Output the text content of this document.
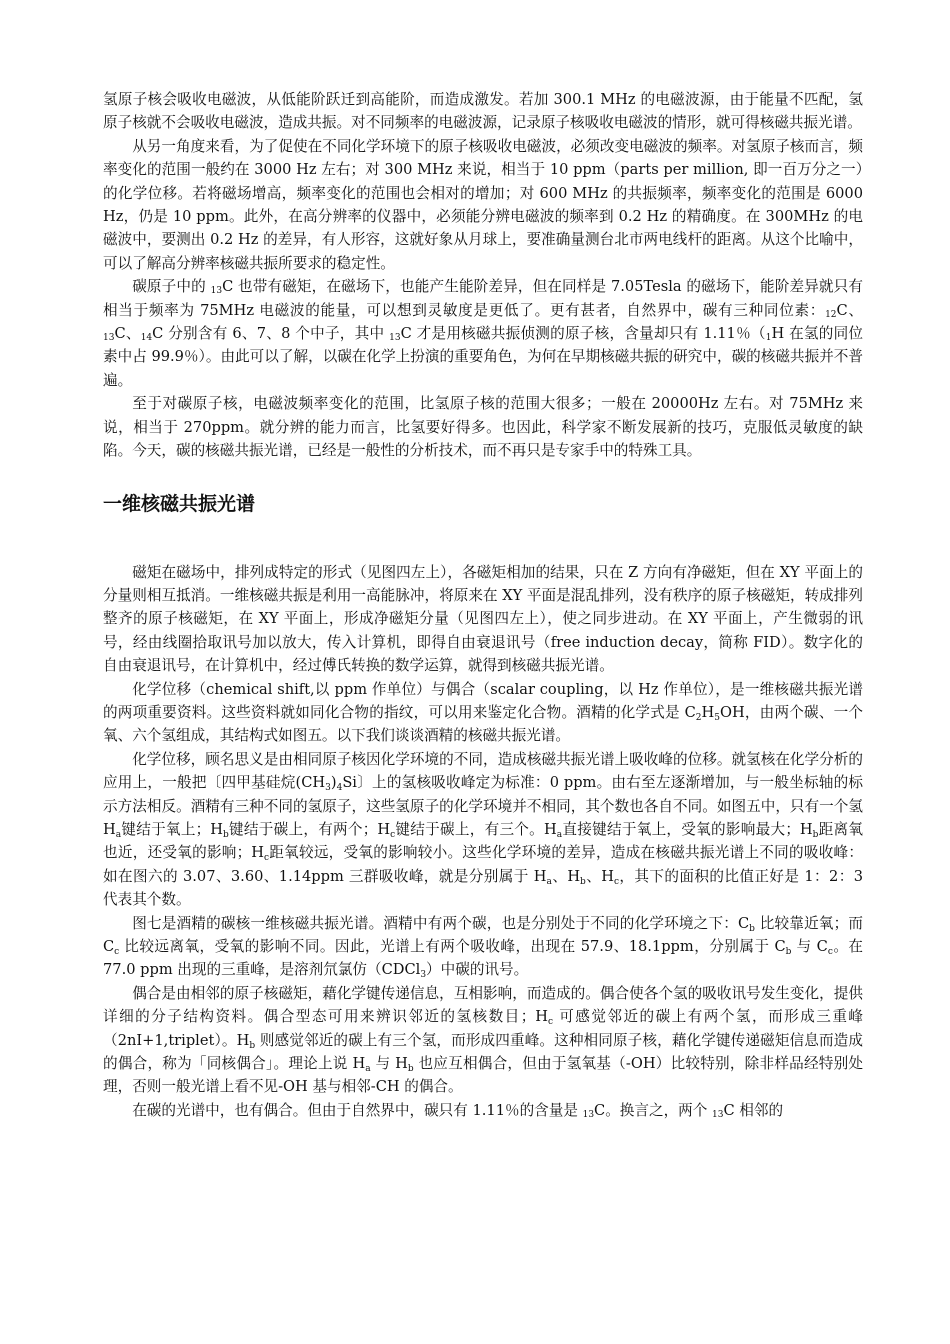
氢原子核会吸收电磁波，从低能阶跃迁到高能阶，而造成激发。若加 300.1 MHz 的电磁波源，由于能量不匹配，氢原子核就不会吸收电磁波，造成共振。对不同频率的电磁波源，记录原子核吸收电磁波的情形，就可得核磁共振光谱。

从另一角度来看，为了促使在不同化学环境下的原子核吸收电磁波，必须改变电磁波的频率。对氢原子核而言，频率变化的范围一般约在 3000 Hz 左右；对 300 MHz 来说，相当于 10 ppm（parts per million, 即一百万分之一）的化学位移。若将磁场增高，频率变化的范围也会相对的增加；对 600 MHz 的共振频率，频率变化的范围是 6000 Hz，仍是 10 ppm。此外，在高分辨率的仪器中，必须能分辨电磁波的频率到 0.2 Hz 的精确度。在 300MHz 的电磁波中，要测出 0.2 Hz 的差异，有人形容，这就好象从月球上，要准确量测台北市两电线杆的距离。从这个比喻中，可以了解高分辨率核磁共振所要求的稳定性。

碳原子中的 13C 也带有磁矩，在磁场下，也能产生能阶差异，但在同样是 7.05Tesla 的磁场下，能阶差异就只有相当于频率为 75MHz 电磁波的能量，可以想到灵敏度是更低了。更有甚者，自然界中，碳有三种同位素：12C、13C、14C 分别含有 6、7、8 个中子，其中 13C 才是用核磁共振侦测的原子核，含量却只有 1.11％（1H 在氢的同位素中占 99.9％）。由此可以了解，以碳在化学上扮演的重要角色，为何在早期核磁共振的研究中，碳的核磁共振并不普遍。

至于对碳原子核，电磁波频率变化的范围，比氢原子核的范围大很多；一般在 20000Hz 左右。对 75MHz 来说，相当于 270ppm。就分辨的能力而言，比氢要好得多。也因此，科学家不断发展新的技巧，克服低灵敏度的缺陷。今天，碳的核磁共振光谱，已经是一般性的分析技术，而不再只是专家手中的特殊工具。

一维核磁共振光谱

磁矩在磁场中，排列成特定的形式（见图四左上），各磁矩相加的结果，只在 Z 方向有净磁矩，但在 XY 平面上的分量则相互抵消。一维核磁共振是利用一高能脉冲，将原来在 XY 平面是混乱排列，没有秩序的原子核磁矩，转成排列整齐的原子核磁矩，在 XY 平面上，形成净磁矩分量（见图四左上），使之同步进动。在 XY 平面上，产生微弱的讯号，经由线圈拾取讯号加以放大，传入计算机，即得自由衰退讯号（free induction decay，简称 FID）。数字化的自由衰退讯号，在计算机中，经过傅氏转换的数学运算，就得到核磁共振光谱。

化学位移（chemical shift,以 ppm 作单位）与偶合（scalar coupling，以 Hz 作单位），是一维核磁共振光谱的两项重要资料。这些资料就如同化合物的指纹，可以用来鉴定化合物。酒精的化学式是 $C_2H_5OH$，由两个碳、一个氧、六个氢组成，其结构式如图五。以下我们谈谈酒精的核磁共振光谱。

化学位移，顾名思义是由相同原子核因化学环境的不同，造成核磁共振光谱上吸收峰的位移。就氢核在化学分析的应用上，一般把〔四甲基硅烷$(CH_3)_4Si$〕上的氢核吸收峰定为标准：0 ppm。由右至左逐渐增加，与一般坐标轴的标示方法相反。酒精有三种不同的氢原子，这些氢原子的化学环境并不相同，其个数也各自不同。如图五中，只有一个氢 $H_a$键结于氧上；$H_b$键结于碳上，有两个；$H_c$键结于碳上，有三个。$H_a$直接键结于氧上，受氧的影响最大；$H_b$距离氧也近，还受氧的影响；$H_c$距氧较远，受氧的影响较小。这些化学环境的差异，造成在核磁共振光谱上不同的吸收峰：如在图六的 3.07、3.60、1.14ppm 三群吸收峰，就是分别属于 $H_a$、$H_b$、$H_c$，其下的面积的比值正好是 1：2：3 代表其个数。

图七是酒精的碳核一维核磁共振光谱。酒精中有两个碳，也是分别处于不同的化学环境之下：$C_b$ 比较靠近氧；而 $C_c$ 比较远离氧，受氧的影响不同。因此，光谱上有两个吸收峰，出现在 57.9、18.1ppm，分别属于 $C_b$ 与 $C_c$。在 77.0 ppm 出现的三重峰，是溶剂氘氯仿（CDCl$_3$）中碳的讯号。

偶合是由相邻的原子核磁矩，藉化学键传递信息，互相影响，而造成的。偶合使各个氢的吸收讯号发生变化，提供详细的分子结构资料。偶合型态可用来辨识邻近的氢核数目；$H_c$ 可感觉邻近的碳上有两个氢，而形成三重峰（2nI+1,triplet）。$H_b$ 则感觉邻近的碳上有三个氢，而形成四重峰。这种相同原子核，藉化学键传递磁矩信息而造成的偶合，称为「同核偶合」。理论上说 $H_a$ 与 $H_b$ 也应互相偶合，但由于氢氧基（-OH）比较特别，除非样品经特别处理，否则一般光谱上看不见-OH 基与相邻-CH 的偶合。

在碳的光谱中，也有偶合。但由于自然界中，碳只有 1.11％的含量是 13C。换言之，两个 13C 相邻的
